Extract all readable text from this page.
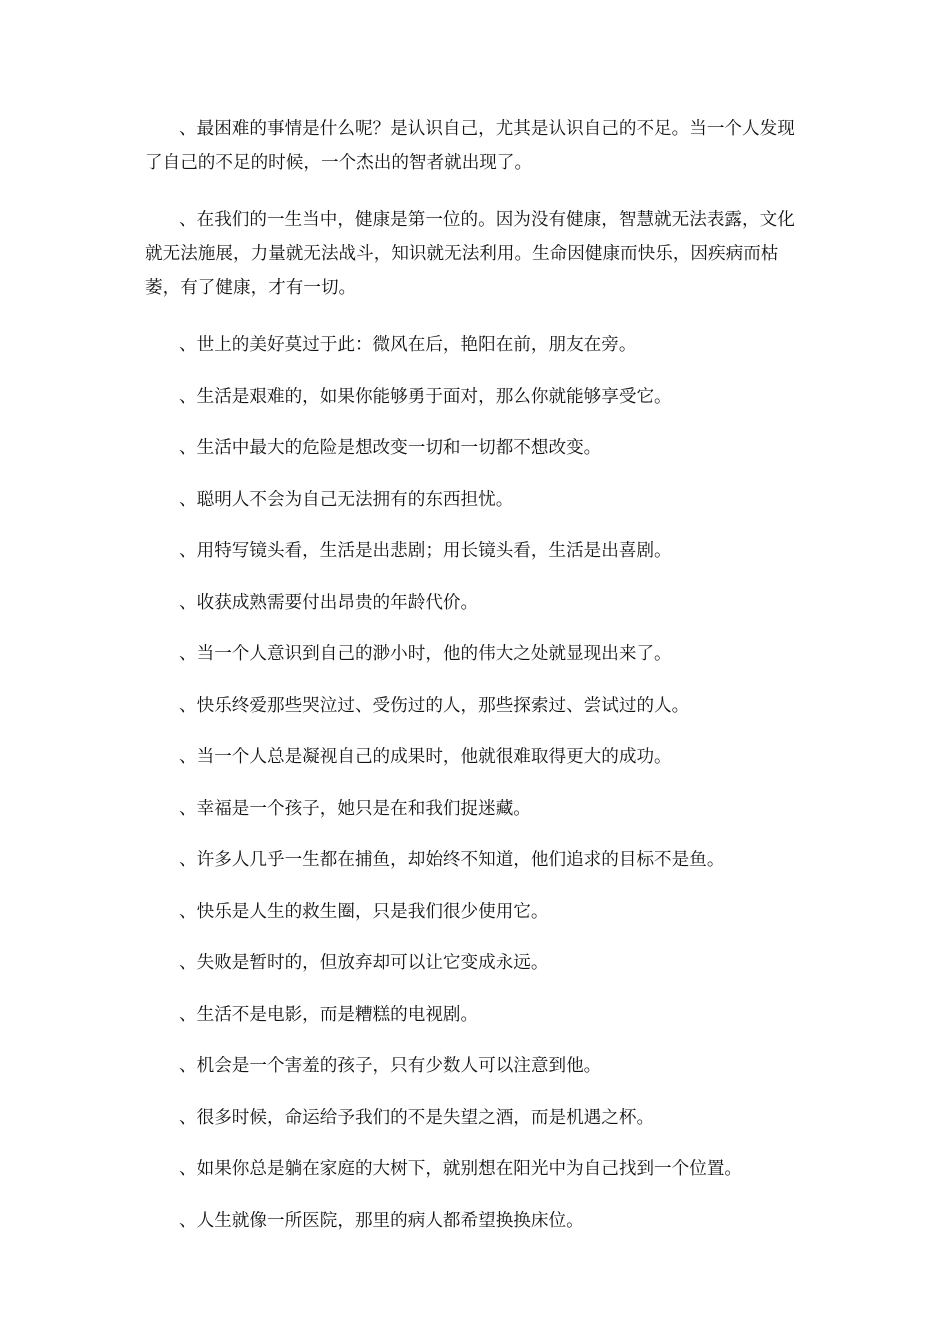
、最困难的事情是什么呢？是认识自己，尤其是认识自己的不足。当一个人发现了自己的不足的时候，一个杰出的智者就出现了。

、在我们的一生当中，健康是第一位的。因为没有健康，智慧就无法表露，文化就无法施展，力量就无法战斗，知识就无法利用。生命因健康而快乐，因疾病而枯萎，有了健康，才有一切。

、世上的美好莫过于此：微风在后，艳阳在前，朋友在旁。

、生活是艰难的，如果你能够勇于面对，那么你就能够享受它。

、生活中最大的危险是想改变一切和一切都不想改变。

、聪明人不会为自己无法拥有的东西担忧。

、用特写镜头看，生活是出悲剧；用长镜头看，生活是出喜剧。

、收获成熟需要付出昂贵的年龄代价。

、当一个人意识到自己的渺小时，他的伟大之处就显现出来了。

、快乐终爱那些哭泣过、受伤过的人，那些探索过、尝试过的人。

、当一个人总是凝视自己的成果时，他就很难取得更大的成功。

、幸福是一个孩子，她只是在和我们捉迷藏。

、许多人几乎一生都在捕鱼，却始终不知道，他们追求的目标不是鱼。

、快乐是人生的救生圈，只是我们很少使用它。

、失败是暂时的，但放弃却可以让它变成永远。

、生活不是电影，而是糟糕的电视剧。

、机会是一个害羞的孩子，只有少数人可以注意到他。

、很多时候，命运给予我们的不是失望之酒，而是机遇之杯。

、如果你总是躺在家庭的大树下，就别想在阳光中为自己找到一个位置。

、人生就像一所医院，那里的病人都希望换换床位。
